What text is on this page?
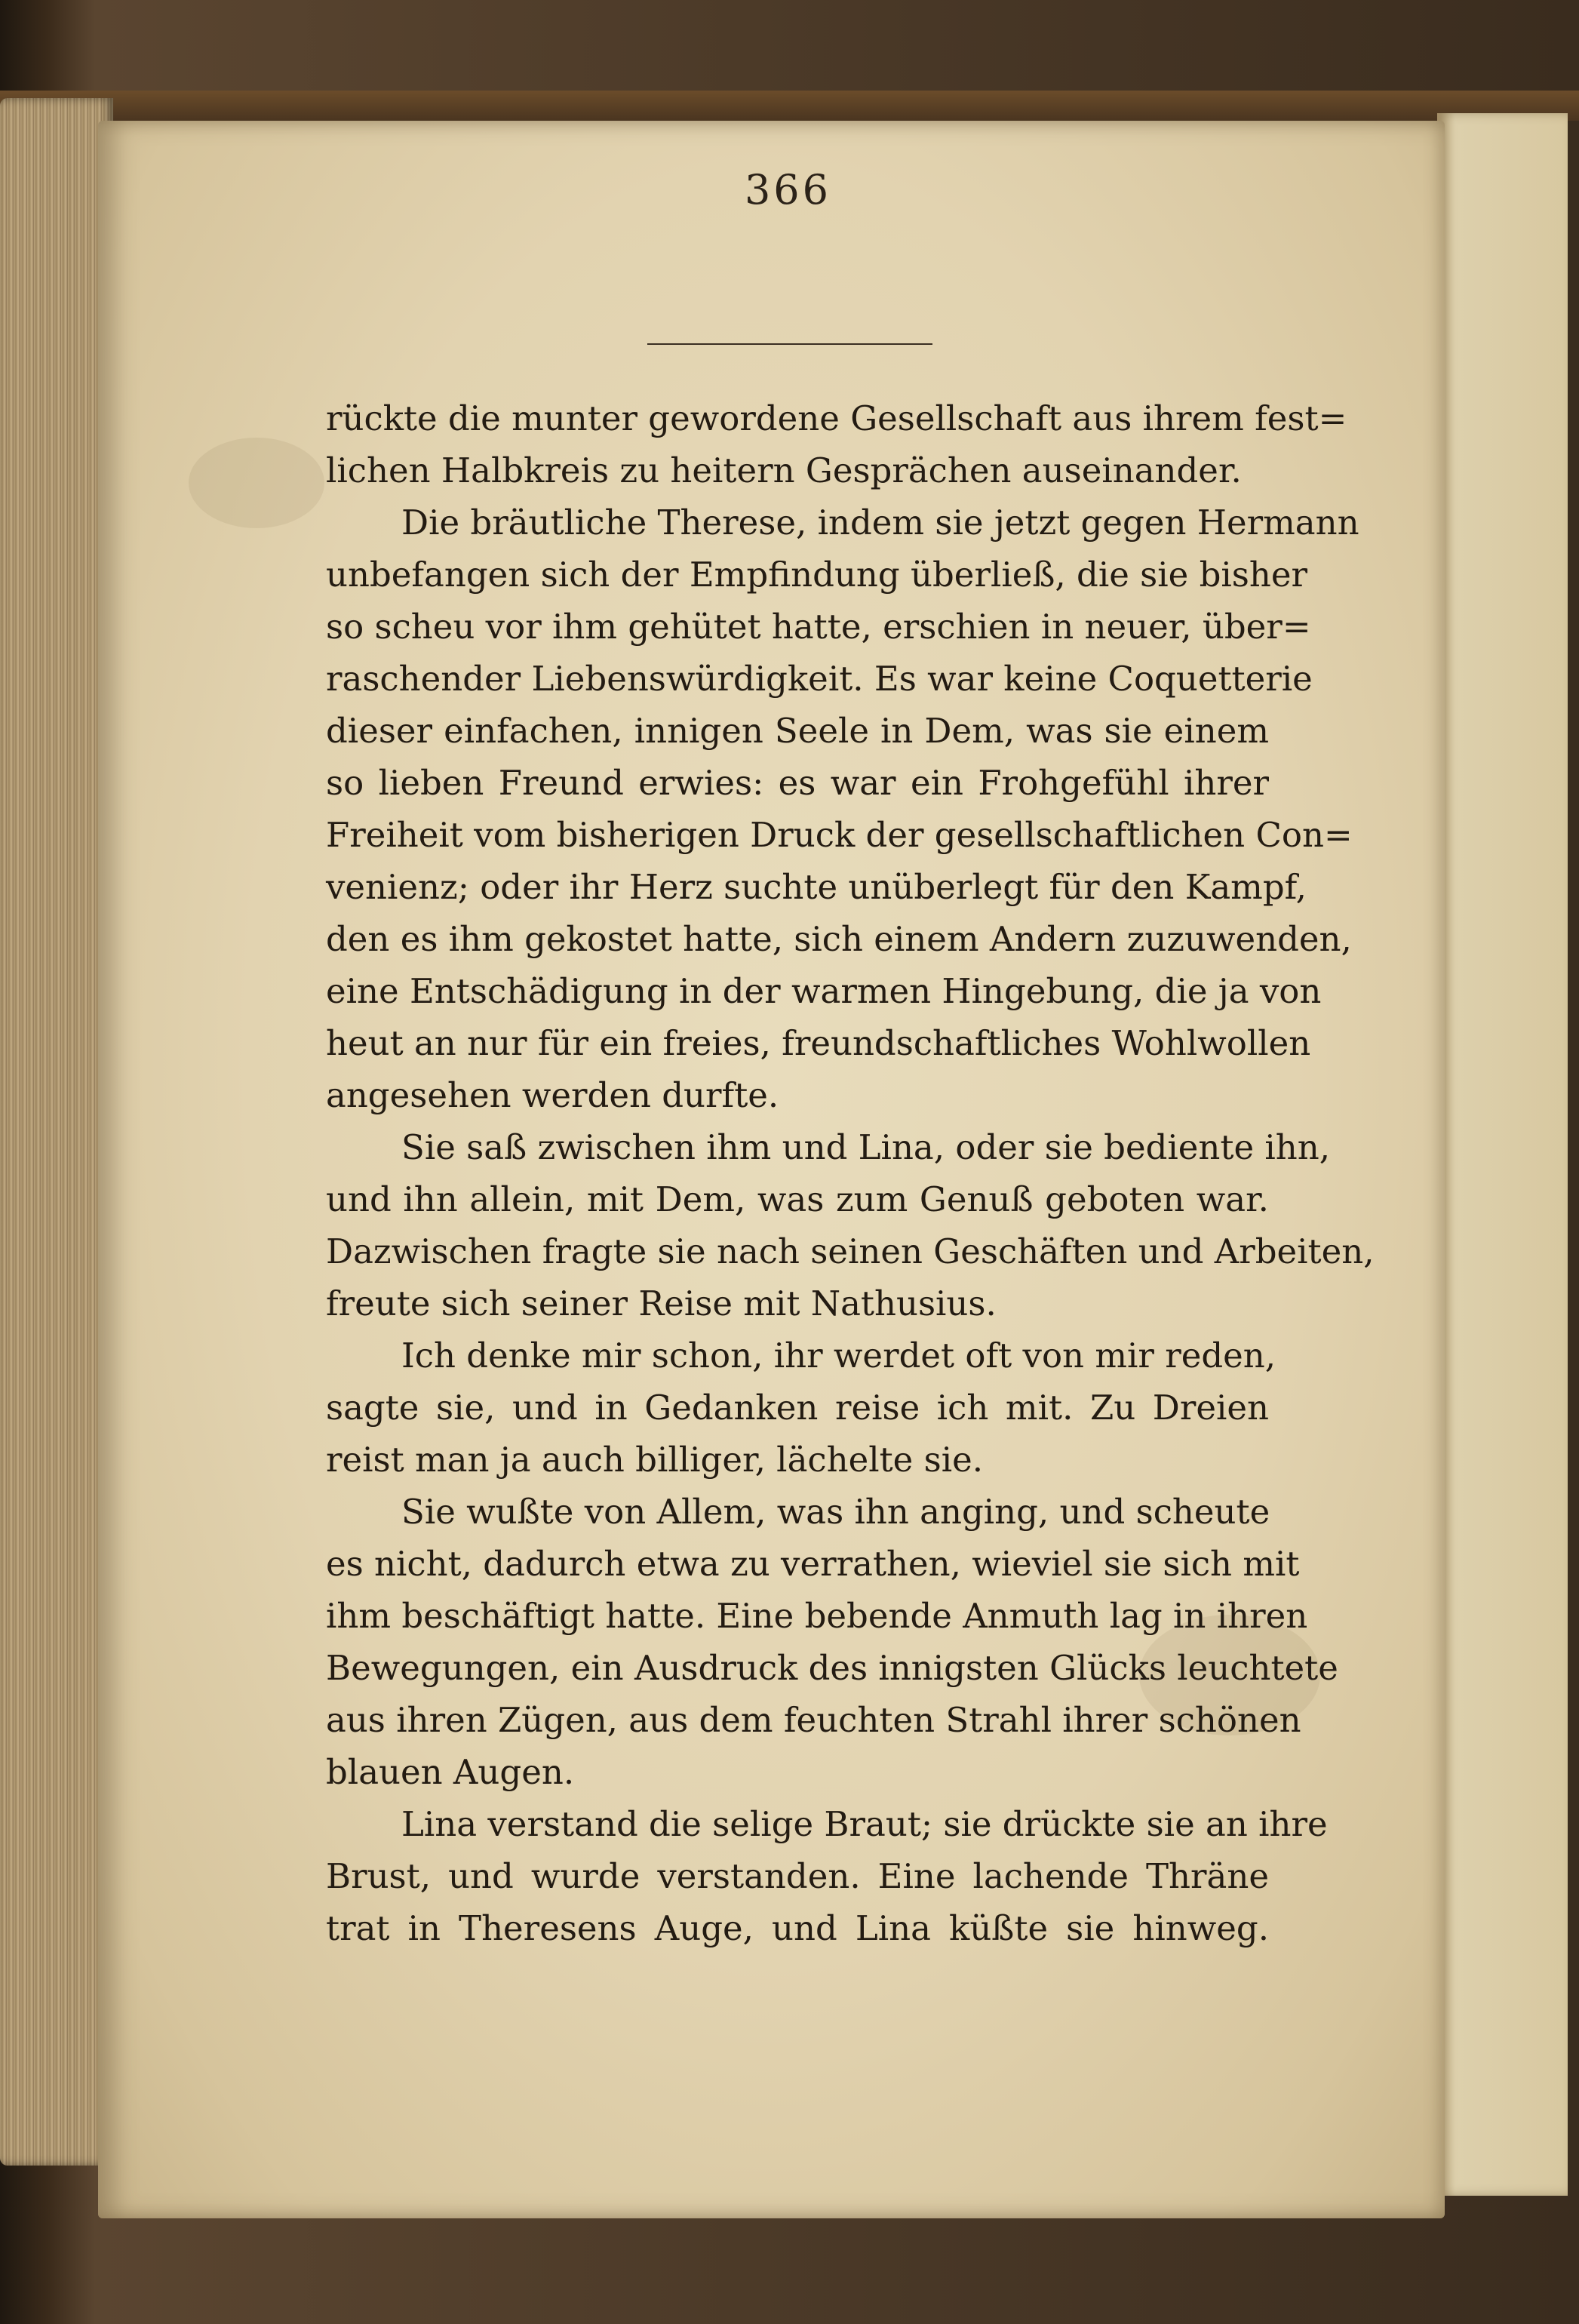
366
rückte die munter gewordene Gesellschaft aus ihrem fest=
lichen Halbkreis zu heitern Gesprächen auseinander.
Die bräutliche Therese, indem sie jetzt gegen Hermann
unbefangen sich der Empfindung überließ, die sie bisher
so scheu vor ihm gehütet hatte, erschien in neuer, über=
raschender Liebenswürdigkeit. Es war keine Coquetterie
dieser einfachen, innigen Seele in Dem, was sie einem
so lieben Freund erwies: es war ein Frohgefühl ihrer
Freiheit vom bisherigen Druck der gesellschaftlichen Con=
venienz; oder ihr Herz suchte unüberlegt für den Kampf,
den es ihm gekostet hatte, sich einem Andern zuzuwenden,
eine Entschädigung in der warmen Hingebung, die ja von
heut an nur für ein freies, freundschaftliches Wohlwollen
angesehen werden durfte.
Sie saß zwischen ihm und Lina, oder sie bediente ihn,
und ihn allein, mit Dem, was zum Genuß geboten war.
Dazwischen fragte sie nach seinen Geschäften und Arbeiten,
freute sich seiner Reise mit Nathusius.
Ich denke mir schon, ihr werdet oft von mir reden,
sagte sie, und in Gedanken reise ich mit. Zu Dreien
reist man ja auch billiger, lächelte sie.
Sie wußte von Allem, was ihn anging, und scheute
es nicht, dadurch etwa zu verrathen, wieviel sie sich mit
ihm beschäftigt hatte. Eine bebende Anmuth lag in ihren
Bewegungen, ein Ausdruck des innigsten Glücks leuchtete
aus ihren Zügen, aus dem feuchten Strahl ihrer schönen
blauen Augen.
Lina verstand die selige Braut; sie drückte sie an ihre
Brust, und wurde verstanden. Eine lachende Thräne
trat in Theresens Auge, und Lina küßte sie hinweg.
